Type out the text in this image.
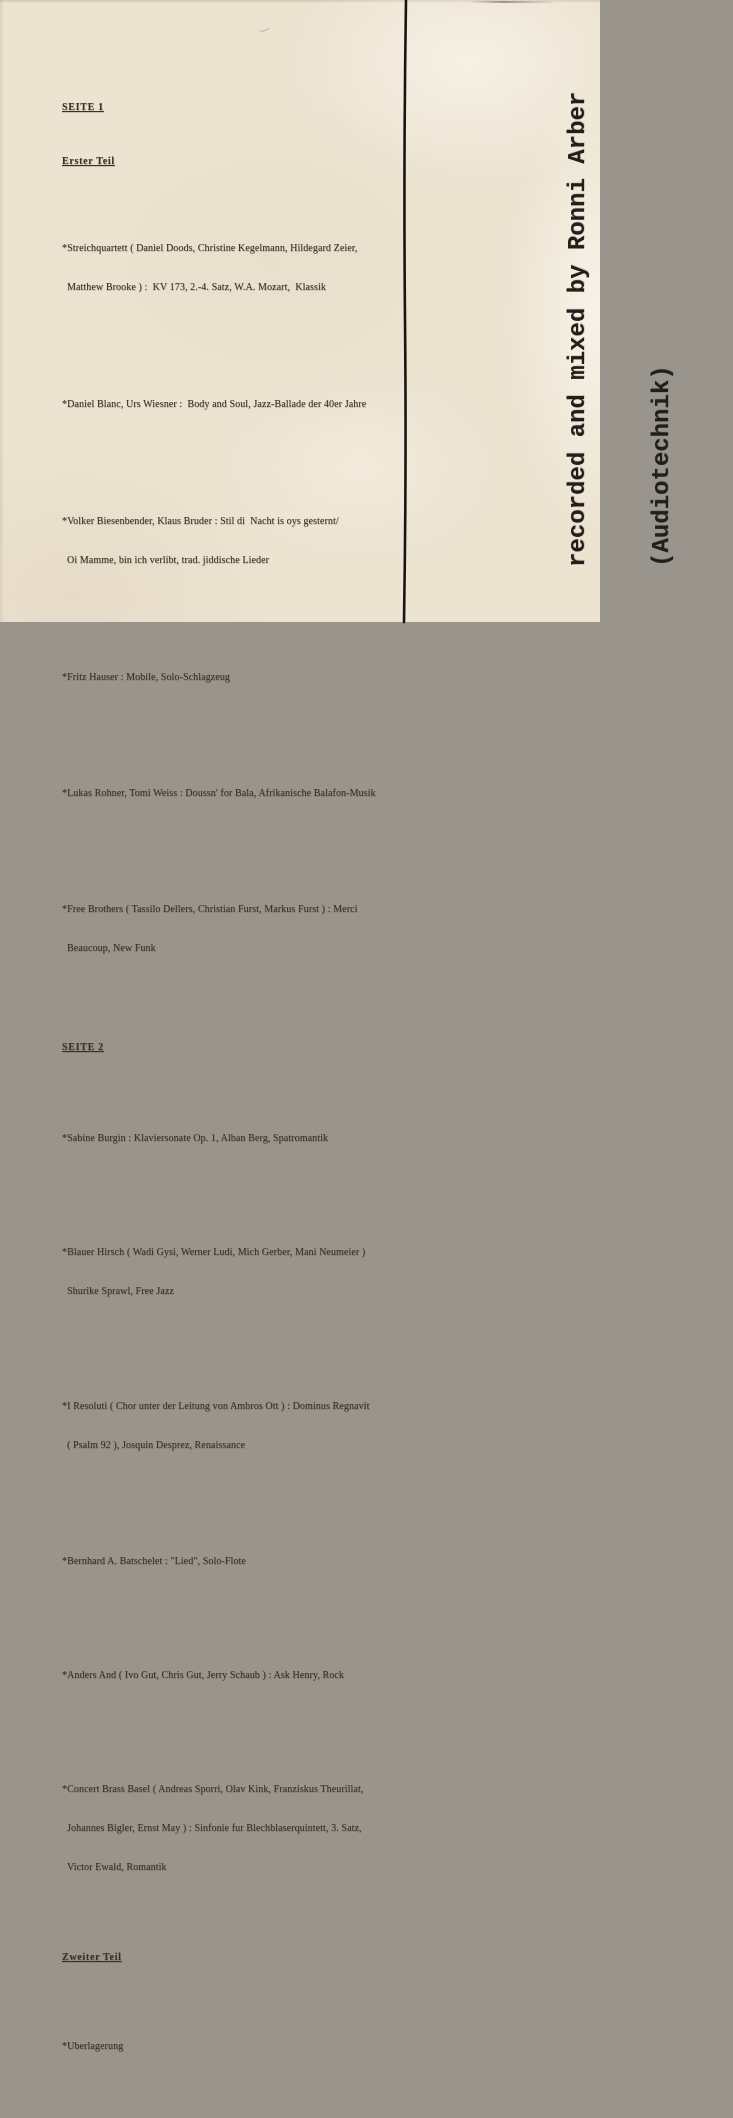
SEITE 1

Erster Teil

*Streichquartett ( Daniel Doods, Christine Kegelmann, Hildegard Zeier,

Matthew Brooke ) :  KV 173, 2.-4. Satz, W.A. Mozart,  Klassik

*Daniel Blanc, Urs Wiesner :  Body and Soul, Jazz-Ballade der 40er Jahre

*Volker Biesenbender, Klaus Bruder : Stil di  Nacht is oys gesternt/

Oi Mamme, bin ich verlibt, trad. jiddische Lieder

*Fritz Hauser : Mobile, Solo-Schlagzeug

*Lukas Rohner, Tomi Weiss : Doussn' for Bala, Afrikanische Balafon-Musik

*Free Brothers ( Tassilo Dellers, Christian Furst, Markus Furst ) : Merci

Beaucoup, New Funk

SEITE 2

*Sabine Burgin : Klaviersonate Op. 1, Alban Berg, Spatromantik

*Blauer Hirsch ( Wadi Gysi, Werner Ludi, Mich Gerber, Mani Neumeier )

Shurike Sprawl, Free Jazz

*I Resoluti ( Chor unter der Leitung von Ambros Ott ) : Dominus Regnavit

( Psalm 92 ), Josquin Desprez, Renaissance

*Bernhard A. Batschelet : "Lied", Solo-Flote

*Anders And ( Ivo Gut, Chris Gut, Jerry Schaub ) : Ask Henry, Rock

*Concert Brass Basel ( Andreas Sporri, Olav Kink, Franziskus Theurillat,

Johannes Bigler, Ernst May ) : Sinfonie fur Blechblaserquintett, 3. Satz,

Victor Ewald, Romantik

Zweiter Teil

*Uberlagerung

recorded and mixed by Ronni Arber

(Audiotechnik)
